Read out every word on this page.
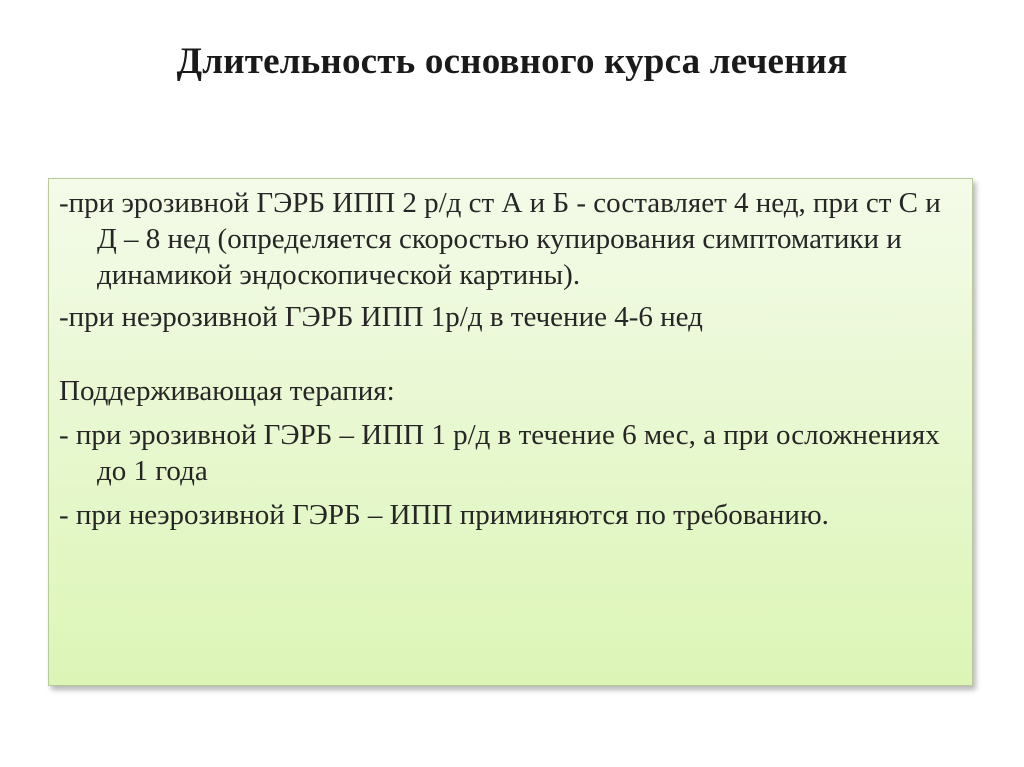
Длительность основного курса лечения

-при эрозивной ГЭРБ ИПП 2 р/д ст А и Б - составляет 4 нед, при ст С и Д – 8 нед (определяется скоростью купирования симптоматики и динамикой эндоскопической картины).

-при неэрозивной ГЭРБ ИПП 1р/д в течение 4-6 нед

Поддерживающая терапия:

- при эрозивной ГЭРБ – ИПП 1 р/д в течение 6 мес, а при осложнениях до 1 года

- при неэрозивной ГЭРБ – ИПП приминяются по требованию.
